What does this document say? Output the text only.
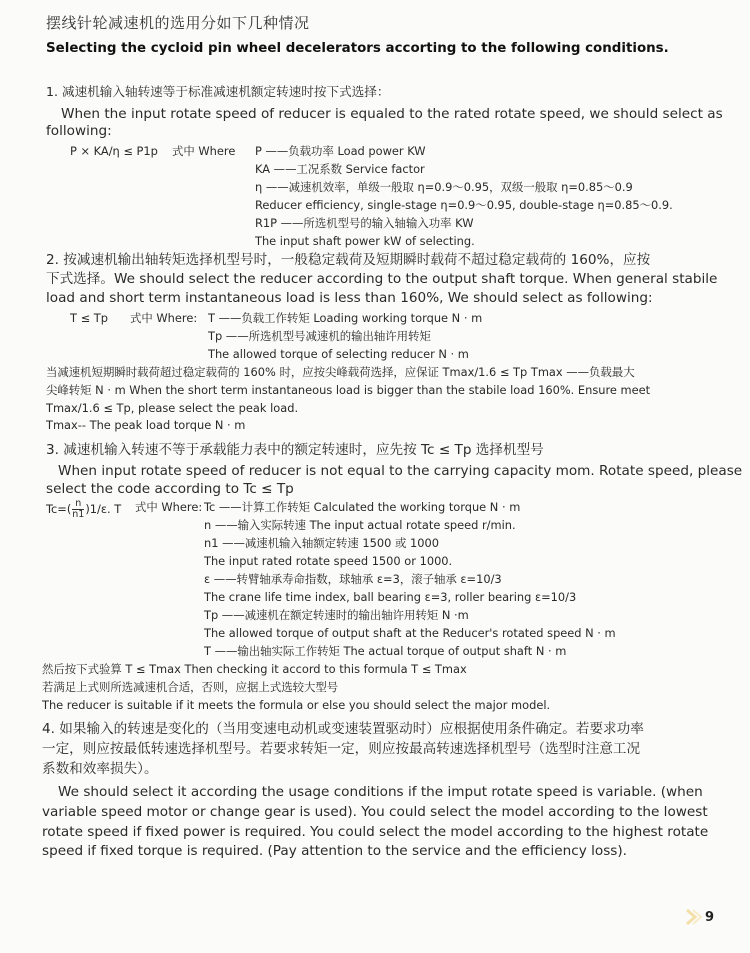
摆线针轮减速机的选用分如下几种情况
Selecting the cycloid pin wheel decelerators accorting to the following conditions.
1. 减速机输入轴转速等于标准减速机额定转速时按下式选择：
When the input rotate speed of reducer is equaled to the rated rotate speed, we should select as
following:
P × KA/η ≤ P1p 式中 Where P ——负载功率 Load power KW
KA ——工况系数 Service factor
η ——减速机效率，单级一般取 η=0.9～0.95，双级一般取 η=0.85～0.9
Reducer efficiency, single-stage η=0.9～0.95, double-stage η=0.85～0.9.
R1P ——所选机型号的输入轴输入功率 KW
The input shaft power kW of selecting.
2. 按减速机输出轴转矩选择机型号时，一般稳定载荷及短期瞬时载荷不超过稳定载荷的 160%，应按
下式选择。We should select the reducer according to the output shaft torque. When general stabile
load and short term instantaneous load is less than 160%, We should select as following:
T ≤ Tp 式中 Where: T ——负载工作转矩 Loading working torque N · m
Tp ——所选机型号减速机的输出轴许用转矩
The allowed torque of selecting reducer N · m
当减速机短期瞬时载荷超过稳定载荷的 160% 时，应按尖峰载荷选择，应保证 Tmax/1.6 ≤ Tp Tmax ——负载最大
尖峰转矩 N · m When the short term instantaneous load is bigger than the stabile load 160%. Ensure meet
Tmax/1.6 ≤ Tp, please select the peak load.
Tmax-- The peak load torque N · m
3. 减速机输入转速不等于承载能力表中的额定转速时，应先按 Tc ≤ Tp 选择机型号
When input rotate speed of reducer is not equal to the carrying capacity mom. Rotate speed, please
select the code according to Tc ≤ Tp
$Tc=( \frac{n}{n1} )1/\varepsilon$. T 式中 Where: Tc ——计算工作转矩 Calculated the working torque N · m
n ——输入实际转速 The input actual rotate speed r/min.
n1 ——减速机输入轴额定转速 1500 或 1000
The input rated rotate speed 1500 or 1000.
ε ——转臂轴承寿命指数，球轴承 ε=3，滚子轴承 ε=10/3
The crane life time index, ball bearing ε=3, roller bearing ε=10/3
Tp ——减速机在额定转速时的输出轴许用转矩 N ·m
The allowed torque of output shaft at the Reducer's rotated speed N · m
T ——输出轴实际工作转矩 The actual torque of output shaft N · m
然后按下式验算 T ≤ Tmax Then checking it accord to this formula T ≤ Tmax
若满足上式则所选减速机合适，否则，应据上式选较大型号
The reducer is suitable if it meets the formula or else you should select the major model.
4. 如果输入的转速是变化的（当用变速电动机或变速装置驱动时）应根据使用条件确定。若要求功率
一定，则应按最低转速选择机型号。若要求转矩一定，则应按最高转速选择机型号（选型时注意工况
系数和效率损失）。
We should select it according the usage conditions if the imput rotate speed is variable. (when
variable speed motor or change gear is used). You could select the model according to the lowest
rotate speed if fixed power is required. You could select the model according to the highest rotate
speed if fixed torque is required. (Pay attention to the service and the efficiency loss).
9
